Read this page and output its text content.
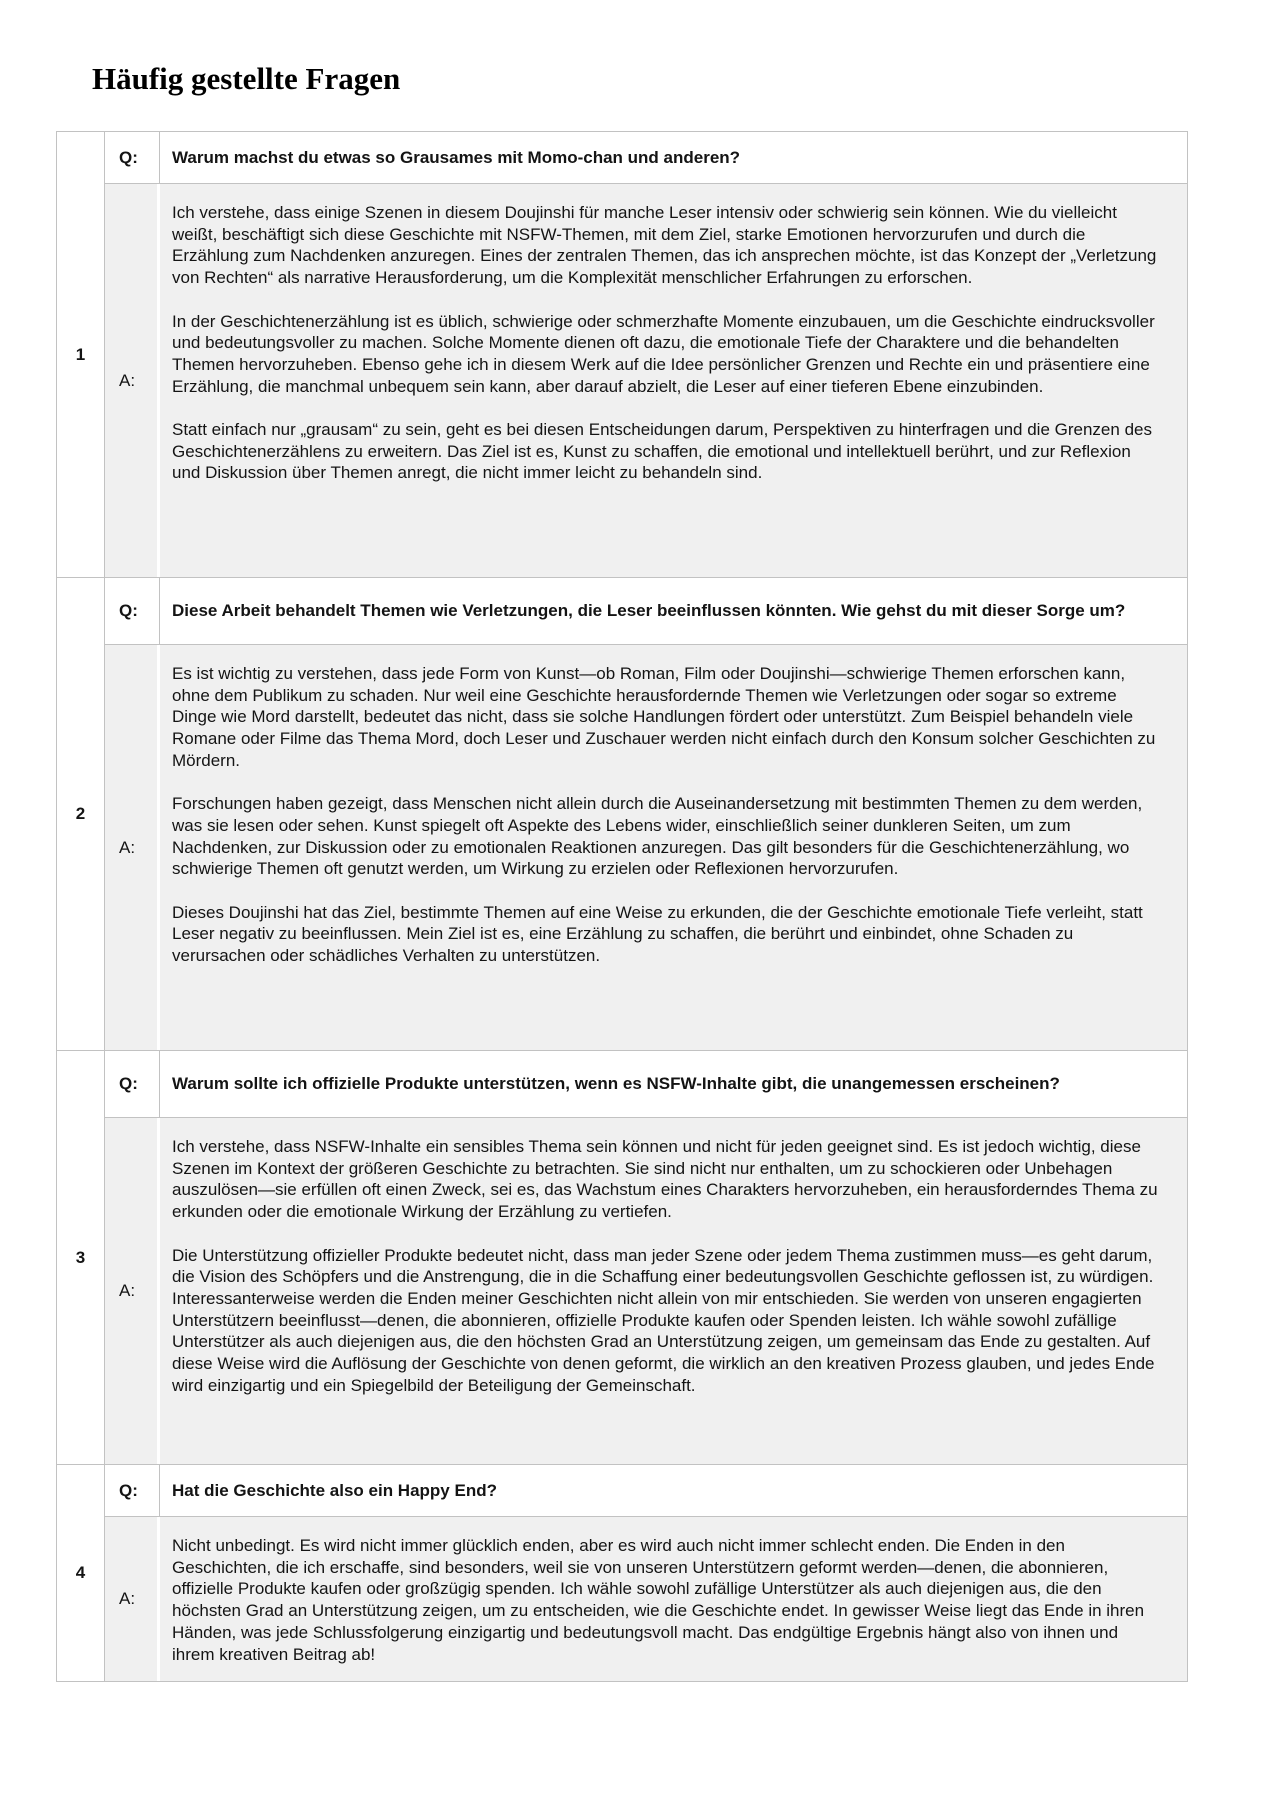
Häufig gestellte Fragen
1
Q:	Warum machst du etwas so Grausames mit Momo-chan und anderen?
A:

Ich verstehe, dass einige Szenen in diesem Doujinshi für manche Leser intensiv oder schwierig sein können. Wie du vielleicht weißt, beschäftigt sich diese Geschichte mit NSFW-Themen, mit dem Ziel, starke Emotionen hervorzurufen und durch die Erzählung zum Nachdenken anzuregen. Eines der zentralen Themen, das ich ansprechen möchte, ist das Konzept der „Verletzung von Rechten“ als narrative Herausforderung, um die Komplexität menschlicher Erfahrungen zu erforschen.

In der Geschichtenerzählung ist es üblich, schwierige oder schmerzhafte Momente einzubauen, um die Geschichte eindrucksvoller und bedeutungsvoller zu machen. Solche Momente dienen oft dazu, die emotionale Tiefe der Charaktere und die behandelten Themen hervorzuheben. Ebenso gehe ich in diesem Werk auf die Idee persönlicher Grenzen und Rechte ein und präsentiere eine Erzählung, die manchmal unbequem sein kann, aber darauf abzielt, die Leser auf einer tieferen Ebene einzubinden.

Statt einfach nur „grausam“ zu sein, geht es bei diesen Entscheidungen darum, Perspektiven zu hinterfragen und die Grenzen des Geschichtenerzählens zu erweitern. Das Ziel ist es, Kunst zu schaffen, die emotional und intellektuell berührt, und zur Reflexion und Diskussion über Themen anregt, die nicht immer leicht zu behandeln sind.

2
Q:	Diese Arbeit behandelt Themen wie Verletzungen, die Leser beeinflussen könnten. Wie gehst du mit dieser Sorge um?
A:

Es ist wichtig zu verstehen, dass jede Form von Kunst—ob Roman, Film oder Doujinshi—schwierige Themen erforschen kann, ohne dem Publikum zu schaden. Nur weil eine Geschichte herausfordernde Themen wie Verletzungen oder sogar so extreme Dinge wie Mord darstellt, bedeutet das nicht, dass sie solche Handlungen fördert oder unterstützt. Zum Beispiel behandeln viele Romane oder Filme das Thema Mord, doch Leser und Zuschauer werden nicht einfach durch den Konsum solcher Geschichten zu Mördern.

Forschungen haben gezeigt, dass Menschen nicht allein durch die Auseinandersetzung mit bestimmten Themen zu dem werden, was sie lesen oder sehen. Kunst spiegelt oft Aspekte des Lebens wider, einschließlich seiner dunkleren Seiten, um zum Nachdenken, zur Diskussion oder zu emotionalen Reaktionen anzuregen. Das gilt besonders für die Geschichtenerzählung, wo schwierige Themen oft genutzt werden, um Wirkung zu erzielen oder Reflexionen hervorzurufen.

Dieses Doujinshi hat das Ziel, bestimmte Themen auf eine Weise zu erkunden, die der Geschichte emotionale Tiefe verleiht, statt Leser negativ zu beeinflussen. Mein Ziel ist es, eine Erzählung zu schaffen, die berührt und einbindet, ohne Schaden zu verursachen oder schädliches Verhalten zu unterstützen.

3
Q:	Warum sollte ich offizielle Produkte unterstützen, wenn es NSFW-Inhalte gibt, die unangemessen erscheinen?
A:

Ich verstehe, dass NSFW-Inhalte ein sensibles Thema sein können und nicht für jeden geeignet sind. Es ist jedoch wichtig, diese Szenen im Kontext der größeren Geschichte zu betrachten. Sie sind nicht nur enthalten, um zu schockieren oder Unbehagen auszulösen—sie erfüllen oft einen Zweck, sei es, das Wachstum eines Charakters hervorzuheben, ein herausforderndes Thema zu erkunden oder die emotionale Wirkung der Erzählung zu vertiefen.

Die Unterstützung offizieller Produkte bedeutet nicht, dass man jeder Szene oder jedem Thema zustimmen muss—es geht darum, die Vision des Schöpfers und die Anstrengung, die in die Schaffung einer bedeutungsvollen Geschichte geflossen ist, zu würdigen. Interessanterweise werden die Enden meiner Geschichten nicht allein von mir entschieden. Sie werden von unseren engagierten Unterstützern beeinflusst—denen, die abonnieren, offizielle Produkte kaufen oder Spenden leisten. Ich wähle sowohl zufällige Unterstützer als auch diejenigen aus, die den höchsten Grad an Unterstützung zeigen, um gemeinsam das Ende zu gestalten. Auf diese Weise wird die Auflösung der Geschichte von denen geformt, die wirklich an den kreativen Prozess glauben, und jedes Ende wird einzigartig und ein Spiegelbild der Beteiligung der Gemeinschaft.

4
Q:	Hat die Geschichte also ein Happy End?
A:

Nicht unbedingt. Es wird nicht immer glücklich enden, aber es wird auch nicht immer schlecht enden. Die Enden in den Geschichten, die ich erschaffe, sind besonders, weil sie von unseren Unterstützern geformt werden—denen, die abonnieren, offizielle Produkte kaufen oder großzügig spenden. Ich wähle sowohl zufällige Unterstützer als auch diejenigen aus, die den höchsten Grad an Unterstützung zeigen, um zu entscheiden, wie die Geschichte endet. In gewisser Weise liegt das Ende in ihren Händen, was jede Schlussfolgerung einzigartig und bedeutungsvoll macht. Das endgültige Ergebnis hängt also von ihnen und ihrem kreativen Beitrag ab!
